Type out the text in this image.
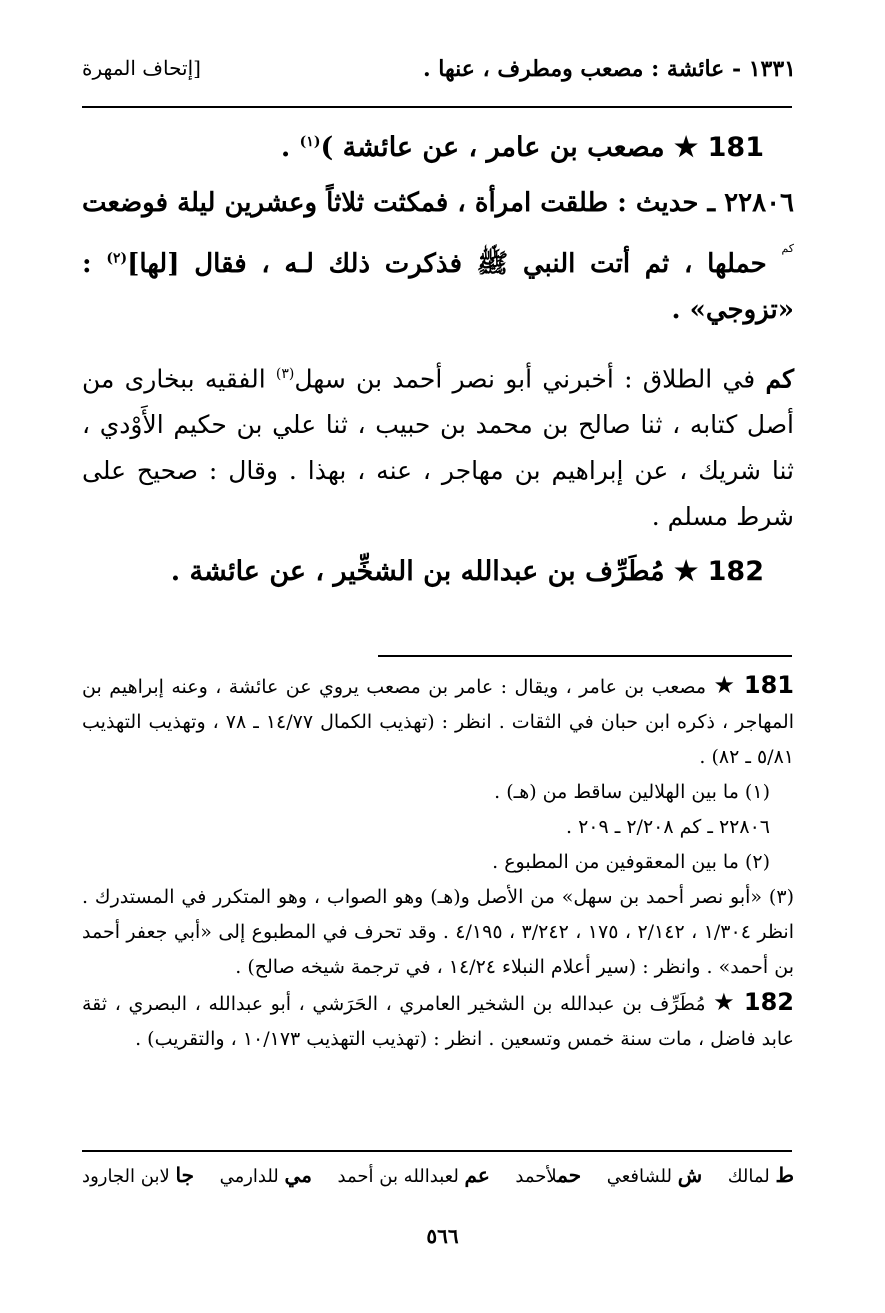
١٣٣١ - عائشة : مصعب ومطرف ، عنها .
[إتحاف المهرة
181 ★ مصعب بن عامر ، عن عائشة )$^{(١)}$ .
٢٢٨٠٦ ـ حديث : طلقت امرأة ، فمكثت ثلاثاً وعشرين ليلة فوضعت $^{كم}$ حملها ، ثم أتت النبي ﷺ فذكرت ذلك لـه ، فقال [لها]$^{(٢)}$ : «تزوجي» .
كم في الطلاق : أخبرني أبو نصر أحمد بن سهل$^{(٣)}$ الفقيه ببخارى من أصل كتابه ، ثنا صالح بن محمد بن حبيب ، ثنا علي بن حكيم الأَوْدي ، ثنا شريك ، عن إبراهيم بن مهاجر ، عنه ، بهذا . وقال : صحيح على شرط مسلم .
182 ★ مُطَرِّف بن عبدالله بن الشخِّير ، عن عائشة .

181 ★ مصعب بن عامر ، ويقال : عامر بن مصعب يروي عن عائشة ، وعنه إبراهيم بن المهاجر ، ذكره ابن حبان في الثقات . انظر : (تهذيب الكمال ١٤/٧٧ ـ ٧٨ ، وتهذيب التهذيب ٥/٨١ ـ ٨٢) .

(١) ما بين الهلالين ساقط من (هـ) .

٢٢٨٠٦ ـ كم ٢/٢٠٨ ـ ٢٠٩ .

(٢) ما بين المعقوفين من المطبوع .

(٣) «أبو نصر أحمد بن سهل» من الأصل و(هـ) وهو الصواب ، وهو المتكرر في المستدرك . انظر ١/٣٠٤ ، ٢/١٤٢ ، ١٧٥ ، ٣/٢٤٢ ، ٤/١٩٥ . وقد تحرف في المطبوع إلى «أبي جعفر أحمد بن أحمد» . وانظر : (سير أعلام النبلاء ١٤/٢٤ ، في ترجمة شيخه صالح) .

182 ★ مُطَرِّف بن عبدالله بن الشخير العامري ، الحَرَشي ، أبو عبدالله ، البصري ، ثقة عابد فاضل ، مات سنة خمس وتسعين . انظر : (تهذيب التهذيب ١٠/١٧٣ ، والتقريب) .

ط لمالك
ش للشافعي
حملأحمد
عم لعبدالله بن أحمد
مي للدارمي
جا لابن الجارود
٥٦٦
